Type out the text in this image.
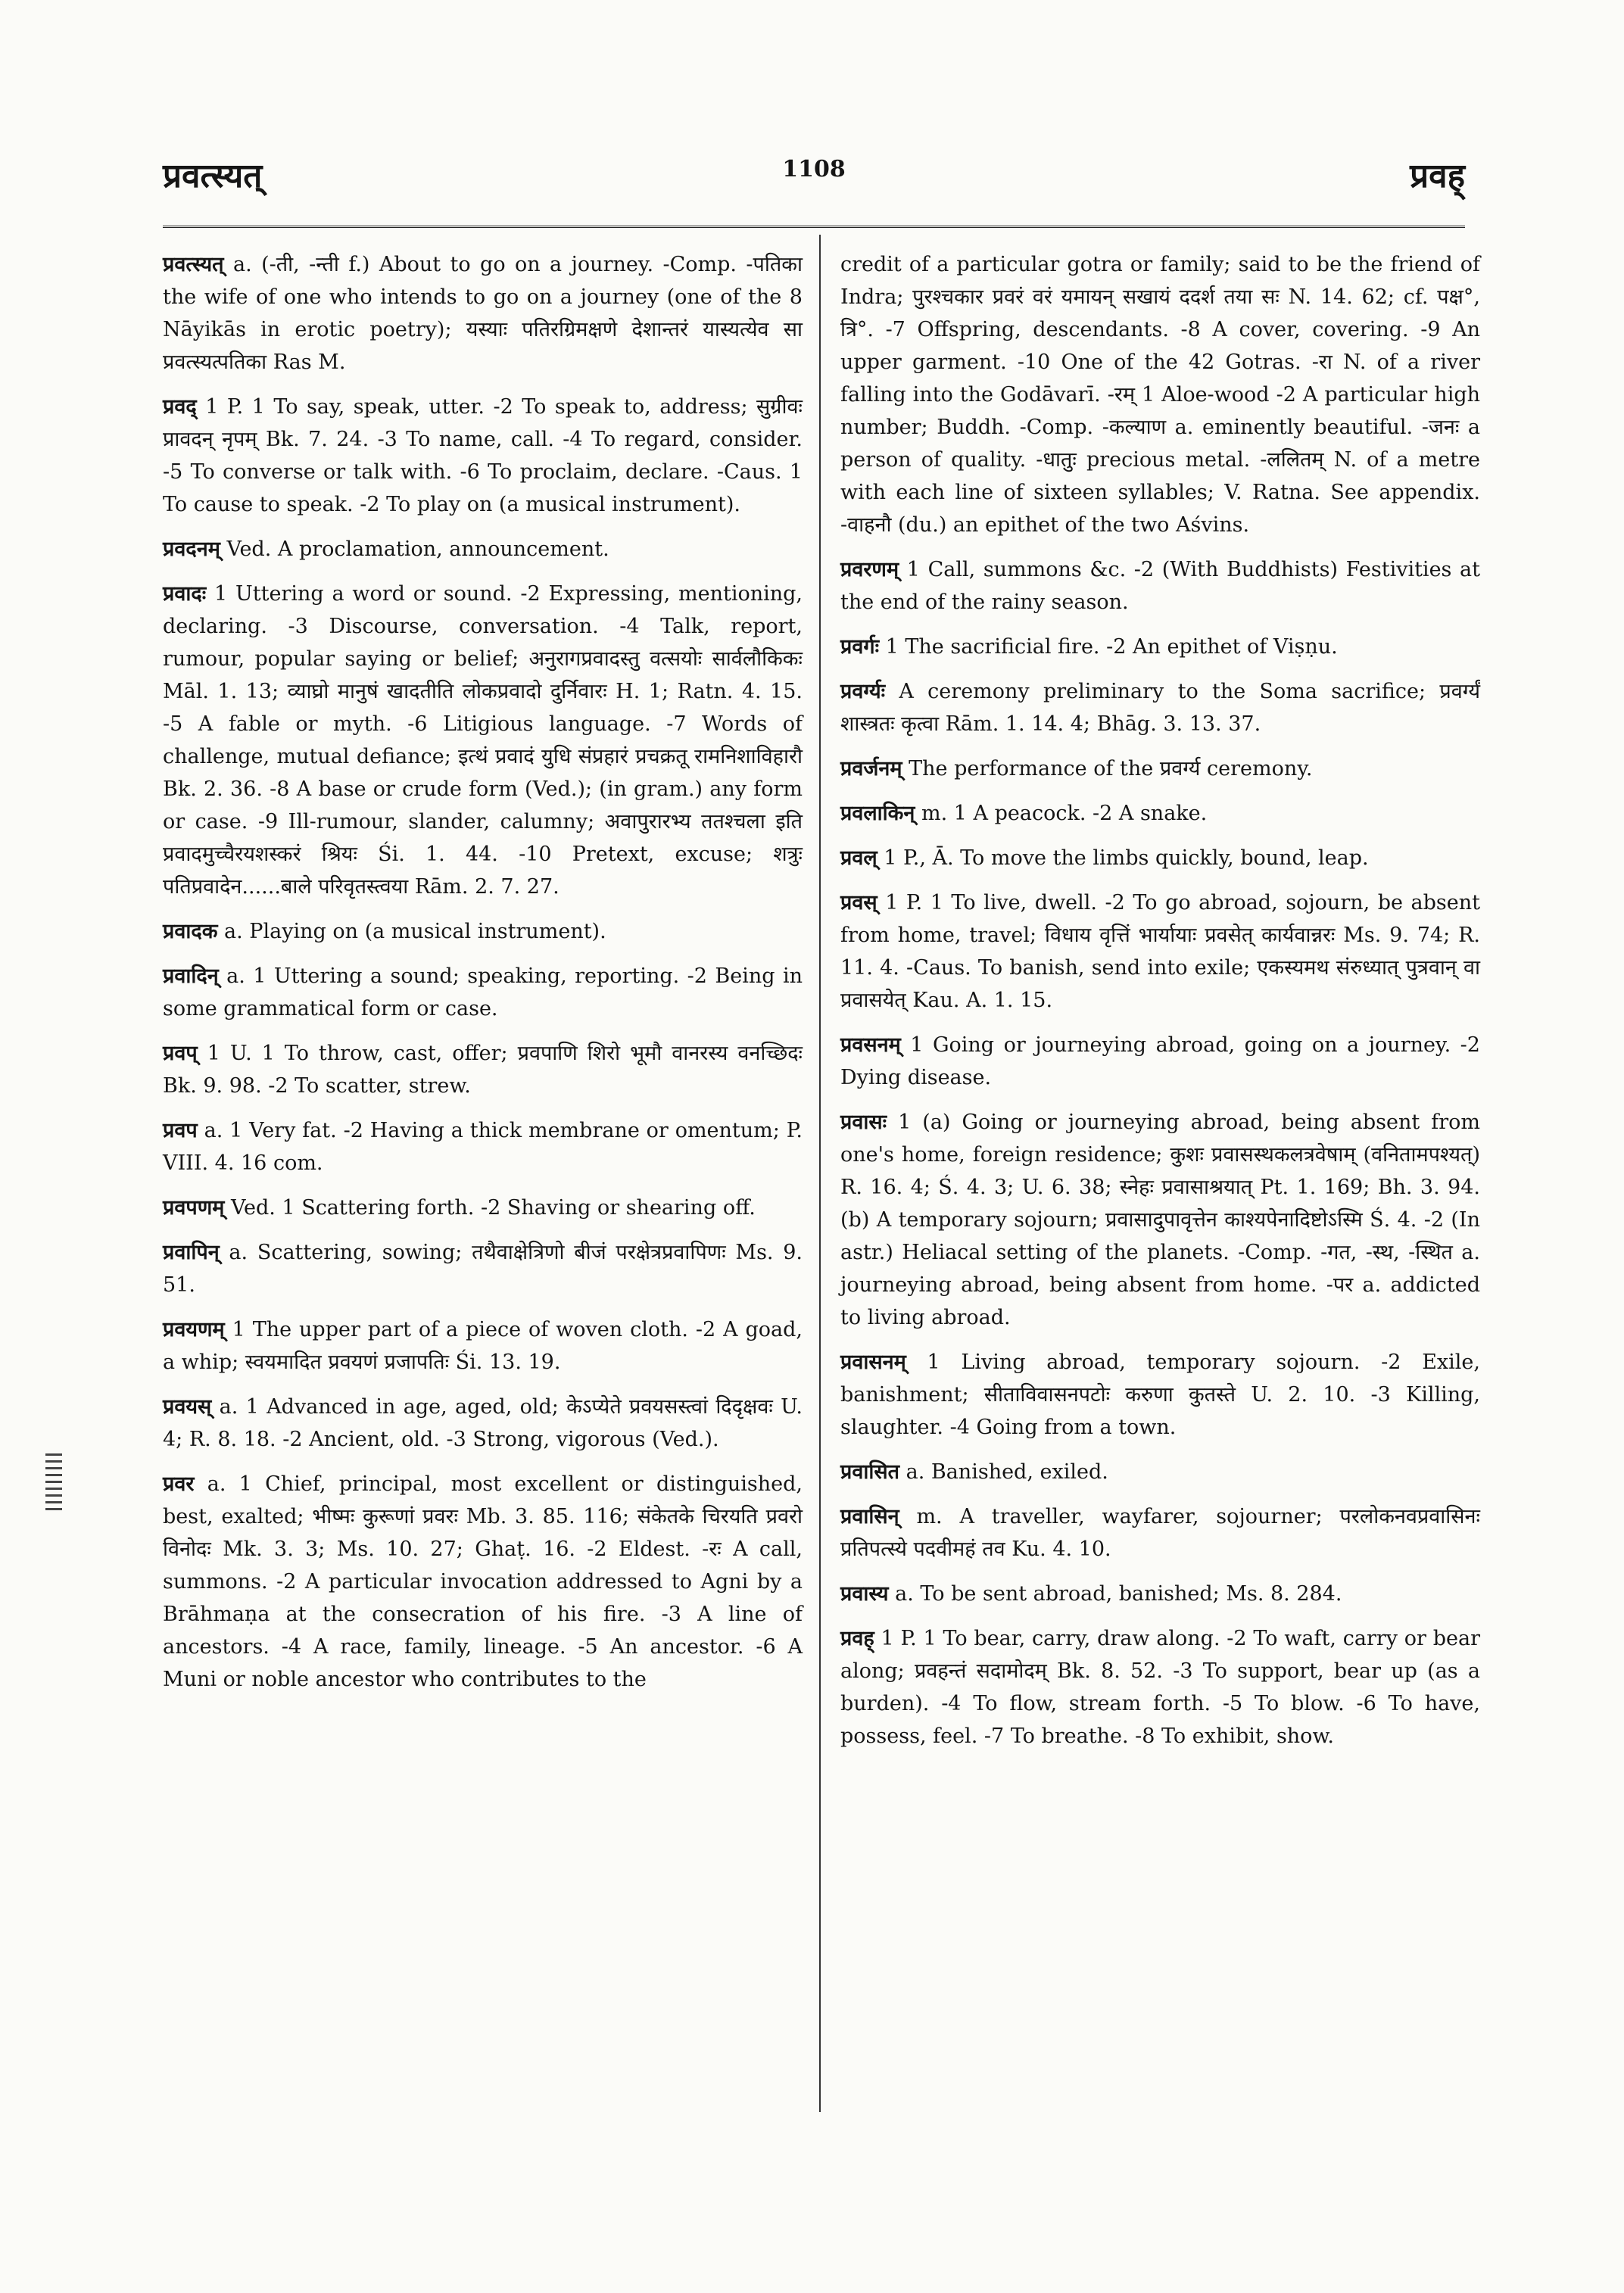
प्रवत्स्यत्	1108	प्रवह्

प्रवत्स्यत् a. (-ती, -न्ती f.) About to go on a journey. -Comp. -पतिका the wife of one who intends to go on a journey (one of the 8 Nāyikās in erotic poetry); यस्याः पतिरग्रिमक्षणे देशान्तरं यास्यत्येव सा प्रवत्स्यत्पतिका Ras M.

प्रवद् 1 P. 1 To say, speak, utter. -2 To speak to, address; सुग्रीवः प्रावदन् नृपम् Bk. 7. 24. -3 To name, call. -4 To regard, consider. -5 To converse or talk with. -6 To proclaim, declare. -Caus. 1 To cause to speak. -2 To play on (a musical instrument).

प्रवदनम् Ved. A proclamation, announcement.

प्रवादः 1 Uttering a word or sound. -2 Expressing, mentioning, declaring. -3 Discourse, conversation. -4 Talk, report, rumour, popular saying or belief; अनुरागप्रवादस्तु वत्सयोः सार्वलौकिकः Māl. 1. 13; व्याघ्रो मानुषं खादतीति लोकप्रवादो दुर्निवारः H. 1; Ratn. 4. 15. -5 A fable or myth. -6 Litigious language. -7 Words of challenge, mutual defiance; इत्थं प्रवादं युधि संप्रहारं प्रचक्रतू रामनिशाविहारौ Bk. 2. 36. -8 A base or crude form (Ved.); (in gram.) any form or case. -9 Ill-rumour, slander, calumny; अवापुरारभ्य ततश्चला इति प्रवादमुच्चैरयशस्करं श्रियः Śi. 1. 44. -10 Pretext, excuse; शत्रुः पतिप्रवादेन......बाले परिवृतस्त्वया Rām. 2. 7. 27.

प्रवादक a. Playing on (a musical instrument).

प्रवादिन् a. 1 Uttering a sound; speaking, reporting. -2 Being in some grammatical form or case.

प्रवप् 1 U. 1 To throw, cast, offer; प्रवपाणि शिरो भूमौ वानरस्य वनच्छिदः Bk. 9. 98. -2 To scatter, strew.

प्रवप a. 1 Very fat. -2 Having a thick membrane or omentum; P. VIII. 4. 16 com.

प्रवपणम् Ved. 1 Scattering forth. -2 Shaving or shearing off.

प्रवापिन् a. Scattering, sowing; तथैवाक्षेत्रिणो बीजं परक्षेत्रप्रवापिणः Ms. 9. 51.

प्रवयणम् 1 The upper part of a piece of woven cloth. -2 A goad, a whip; स्वयमादित प्रवयणं प्रजापतिः Śi. 13. 19.

प्रवयस् a. 1 Advanced in age, aged, old; केऽप्येते प्रवयसस्त्वां दिदृक्षवः U. 4; R. 8. 18. -2 Ancient, old. -3 Strong, vigorous (Ved.).

प्रवर a. 1 Chief, principal, most excellent or distinguished, best, exalted; भीष्मः कुरूणां प्रवरः Mb. 3. 85. 116; संकेतके चिरयति प्रवरो विनोदः Mk. 3. 3; Ms. 10. 27; Ghaṭ. 16. -2 Eldest. -रः A call, summons. -2 A particular invocation addressed to Agni by a Brāhmaṇa at the consecration of his fire. -3 A line of ancestors. -4 A race, family, lineage. -5 An ancestor. -6 A Muni or noble ancestor who contributes to the

credit of a particular gotra or family; said to be the friend of Indra; पुरश्चकार प्रवरं वरं यमायन् सखायं ददर्श तया सः N. 14. 62; cf. पक्ष°, त्रि°. -7 Offspring, descendants. -8 A cover, covering. -9 An upper garment. -10 One of the 42 Gotras. -रा N. of a river falling into the Godāvarī. -रम् 1 Aloe-wood -2 A particular high number; Buddh. -Comp. -कल्याण a. eminently beautiful. -जनः a person of quality. -धातुः precious metal. -ललितम् N. of a metre with each line of sixteen syllables; V. Ratna. See appendix. -वाहनौ (du.) an epithet of the two Aśvins.

प्रवरणम् 1 Call, summons &c. -2 (With Buddhists) Festivities at the end of the rainy season.

प्रवर्गः 1 The sacrificial fire. -2 An epithet of Viṣṇu.

प्रवर्ग्यः A ceremony preliminary to the Soma sacrifice; प्रवर्ग्यं शास्त्रतः कृत्वा Rām. 1. 14. 4; Bhāg. 3. 13. 37.

प्रवर्जनम् The performance of the प्रवर्ग्य ceremony.

प्रवलाकिन् m. 1 A peacock. -2 A snake.

प्रवल् 1 P., Ā. To move the limbs quickly, bound, leap.

प्रवस् 1 P. 1 To live, dwell. -2 To go abroad, sojourn, be absent from home, travel; विधाय वृत्तिं भार्यायाः प्रवसेत् कार्यवान्नरः Ms. 9. 74; R. 11. 4. -Caus. To banish, send into exile; एकस्यमथ संरुध्यात् पुत्रवान् वा प्रवासयेत् Kau. A. 1. 15.

प्रवसनम् 1 Going or journeying abroad, going on a journey. -2 Dying disease.

प्रवासः 1 (a) Going or journeying abroad, being absent from one's home, foreign residence; कुशः प्रवासस्थकलत्रवेषाम् (वनितामपश्यत्) R. 16. 4; Ś. 4. 3; U. 6. 38; स्नेहः प्रवासाश्रयात् Pt. 1. 169; Bh. 3. 94. (b) A temporary sojourn; प्रवासादुपावृत्तेन काश्यपेनादिष्टोऽस्मि Ś. 4. -2 (In astr.) Heliacal setting of the planets. -Comp. -गत, -स्थ, -स्थित a. journeying abroad, being absent from home. -पर a. addicted to living abroad.

प्रवासनम् 1 Living abroad, temporary sojourn. -2 Exile, banishment; सीताविवासनपटोः करुणा कुतस्ते U. 2. 10. -3 Killing, slaughter. -4 Going from a town.

प्रवासित a. Banished, exiled.

प्रवासिन् m. A traveller, wayfarer, sojourner; परलोकनवप्रवासिनः प्रतिपत्स्ये पदवीमहं तव Ku. 4. 10.

प्रवास्य a. To be sent abroad, banished; Ms. 8. 284.

प्रवह् 1 P. 1 To bear, carry, draw along. -2 To waft, carry or bear along; प्रवहन्तं सदामोदम् Bk. 8. 52. -3 To support, bear up (as a burden). -4 To flow, stream forth. -5 To blow. -6 To have, possess, feel. -7 To breathe. -8 To exhibit, show.
